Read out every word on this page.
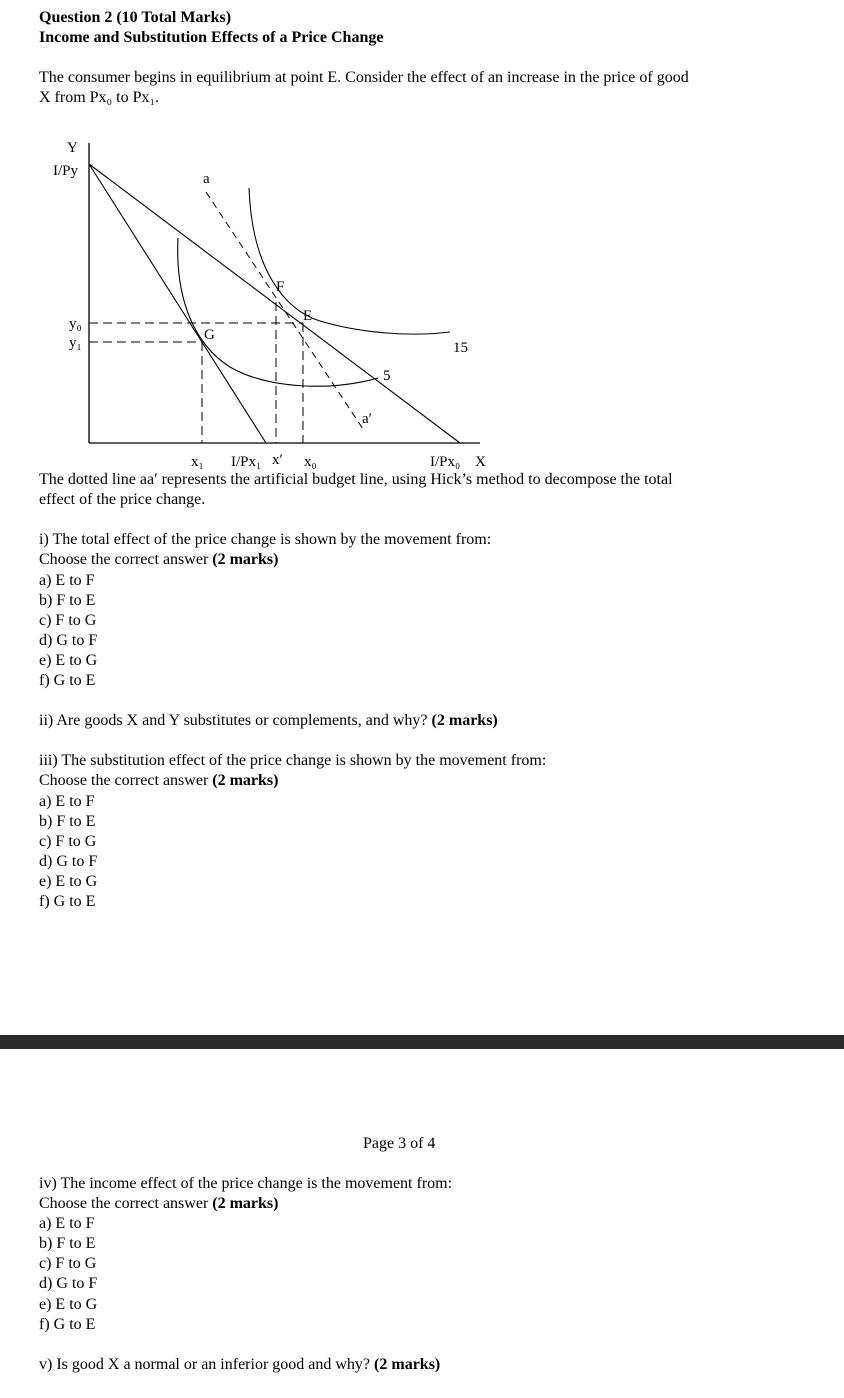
Question 2 (10 Total Marks)
Income and Substitution Effects of a Price Change
The consumer begins in equilibrium at point E. Consider the effect of an increase in the price of good
X from Px₀ to Px₁.
Y
I/Py
y₀
y₁
a
F
E
G
15
5
a′
x₁ I/Px₁ x′ x₀	I/Px₀ X
The dotted line aa′ represents the artificial budget line, using Hick’s method to decompose the total
effect of the price change.
i) The total effect of the price change is shown by the movement from:
Choose the correct answer (2 marks)
a) E to F
b) F to E
c) F to G
d) G to F
e) E to G
f) G to E
ii) Are goods X and Y substitutes or complements, and why? (2 marks)
iii) The substitution effect of the price change is shown by the movement from:
Choose the correct answer (2 marks)
a) E to F
b) F to E
c) F to G
d) G to F
e) E to G
f) G to E
Page 3 of 4
iv) The income effect of the price change is the movement from:
Choose the correct answer (2 marks)
a) E to F
b) F to E
c) F to G
d) G to F
e) E to G
f) G to E
v) Is good X a normal or an inferior good and why? (2 marks)
